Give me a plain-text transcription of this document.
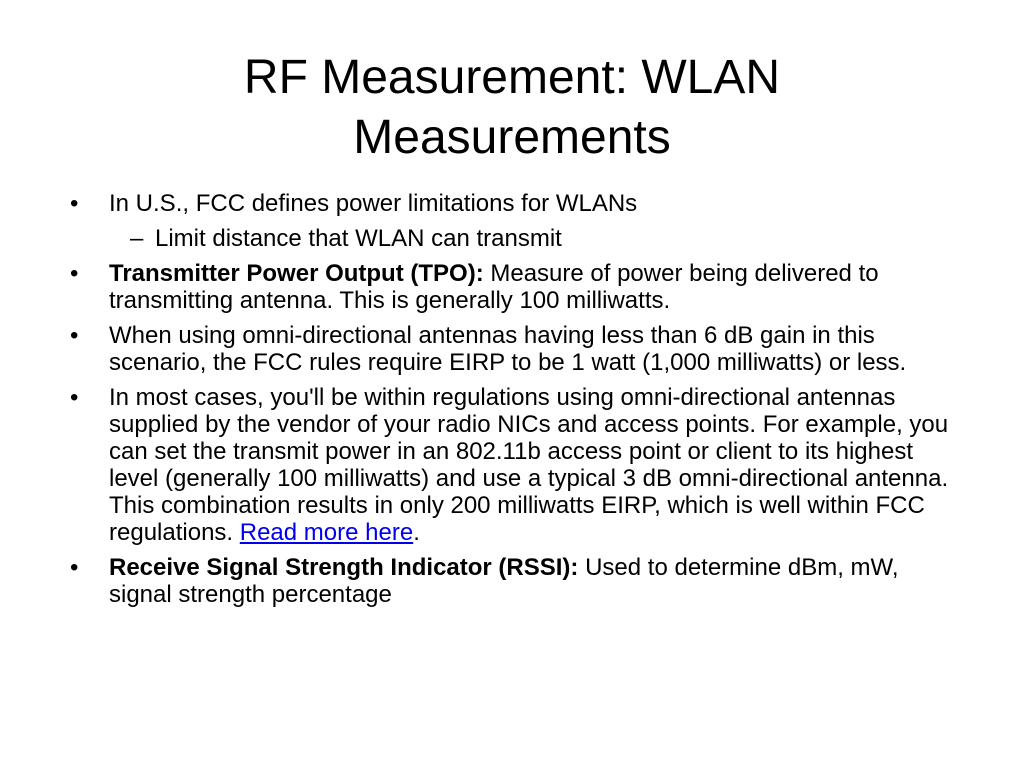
RF Measurement: WLAN
Measurements
• In U.S., FCC defines power limitations for WLANs
– Limit distance that WLAN can transmit
• Transmitter Power Output (TPO): Measure of power being delivered to transmitting antenna. This is generally 100 milliwatts.
• When using omni-directional antennas having less than 6 dB gain in this scenario, the FCC rules require EIRP to be 1 watt (1,000 milliwatts) or less.
• In most cases, you'll be within regulations using omni-directional antennas supplied by the vendor of your radio NICs and access points. For example, you can set the transmit power in an 802.11b access point or client to its highest level (generally 100 milliwatts) and use a typical 3 dB omni-directional antenna. This combination results in only 200 milliwatts EIRP, which is well within FCC regulations. Read more here.
• Receive Signal Strength Indicator (RSSI): Used to determine dBm, mW, signal strength percentage
